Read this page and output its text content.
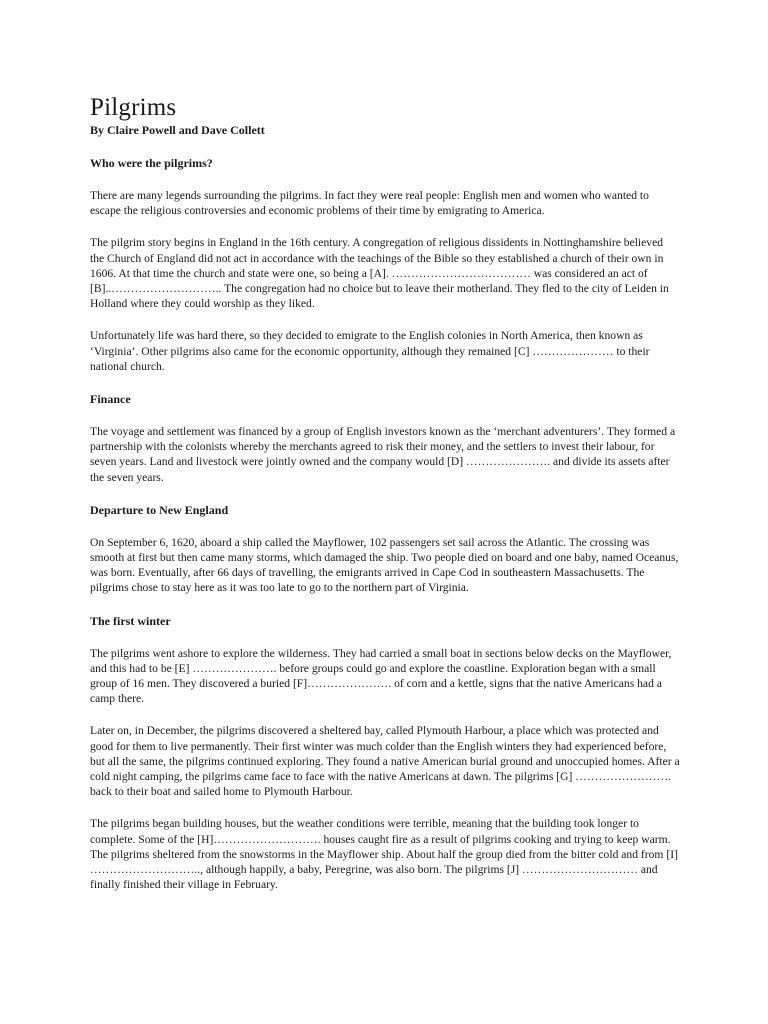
Pilgrims

By Claire Powell and Dave Collett

Who were the pilgrims?

There are many legends surrounding the pilgrims. In fact they were real people: English men and women who wanted to escape the religious controversies and economic problems of their time by emigrating to America.

The pilgrim story begins in England in the 16th century. A congregation of religious dissidents in Nottinghamshire believed the Church of England did not act in accordance with the teachings of the Bible so they established a church of their own in 1606. At that time the church and state were one, so being a [A]. ……………………………… was considered an act of [B]..……………………….. The congregation had no choice but to leave their motherland. They fled to the city of Leiden in Holland where they could worship as they liked.

Unfortunately life was hard there, so they decided to emigrate to the English colonies in North America, then known as ‘Virginia’. Other pilgrims also came for the economic opportunity, although they remained [C] ………………… to their national church.

Finance

The voyage and settlement was financed by a group of English investors known as the ‘merchant adventurers’. They formed a partnership with the colonists whereby the merchants agreed to risk their money, and the settlers to invest their labour, for seven years. Land and livestock were jointly owned and the company would [D] …………………. and divide its assets after the seven years.

Departure to New England

On September 6, 1620, aboard a ship called the Mayflower, 102 passengers set sail across the Atlantic. The crossing was smooth at first but then came many storms, which damaged the ship. Two people died on board and one baby, named Oceanus, was born. Eventually, after 66 days of travelling, the emigrants arrived in Cape Cod in southeastern Massachusetts. The pilgrims chose to stay here as it was too late to go to the northern part of Virginia.

The first winter

The pilgrims went ashore to explore the wilderness. They had carried a small boat in sections below decks on the Mayflower, and this had to be [E] …………………. before groups could go and explore the coastline. Exploration began with a small group of 16 men. They discovered a buried [F]…………………. of corn and a kettle, signs that the native Americans had a camp there.

Later on, in December, the pilgrims discovered a sheltered bay, called Plymouth Harbour, a place which was protected and good for them to live permanently. Their first winter was much colder than the English winters they had experienced before, but all the same, the pilgrims continued exploring. They found a native American burial ground and unoccupied homes. After a cold night camping, the pilgrims came face to face with the native Americans at dawn. The pilgrims [G] ……………………. back to their boat and sailed home to Plymouth Harbour.

The pilgrims began building houses, but the weather conditions were terrible, meaning that the building took longer to complete. Some of the [H]………………………. houses caught fire as a result of pilgrims cooking and trying to keep warm. The pilgrims sheltered from the snowstorms in the Mayflower ship. About half the group died from the bitter cold and from [I] ……………………….., although happily, a baby, Peregrine, was also born. The pilgrims [J] ………………………… and finally finished their village in February.
